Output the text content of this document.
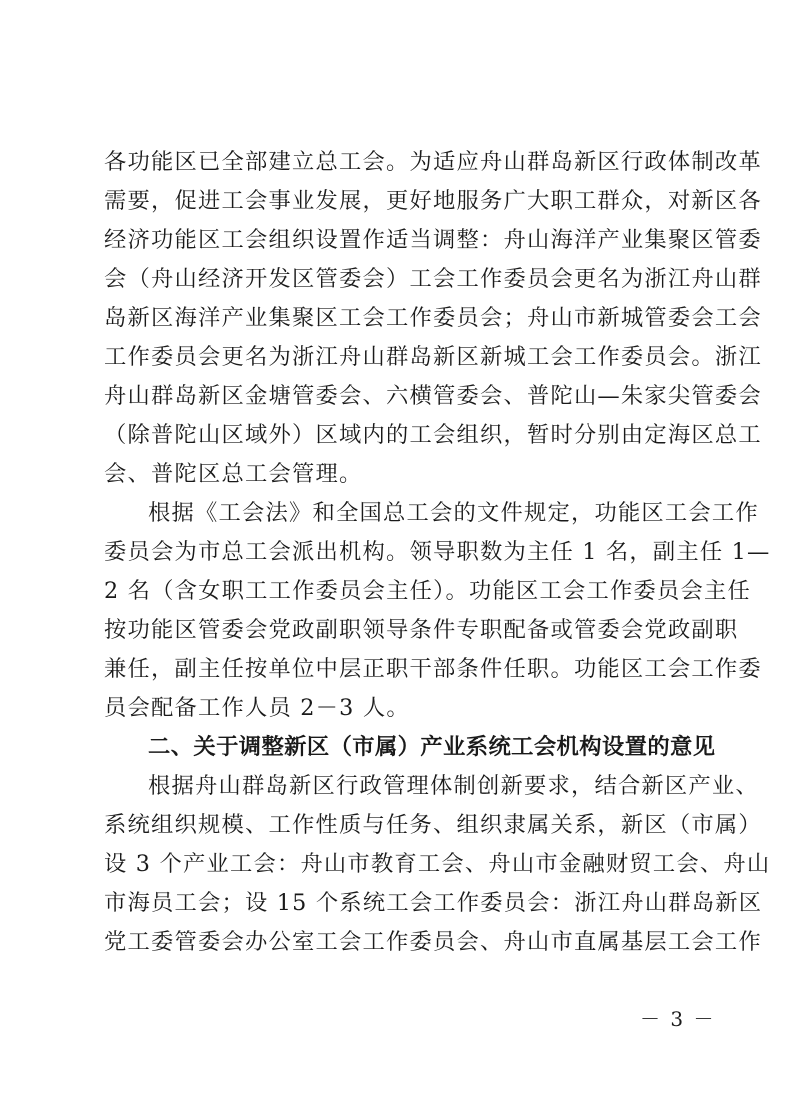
各功能区已全部建立总工会。为适应舟山群岛新区行政体制改革
需要，促进工会事业发展，更好地服务广大职工群众，对新区各
经济功能区工会组织设置作适当调整：舟山海洋产业集聚区管委
会（舟山经济开发区管委会）工会工作委员会更名为浙江舟山群
岛新区海洋产业集聚区工会工作委员会；舟山市新城管委会工会
工作委员会更名为浙江舟山群岛新区新城工会工作委员会。浙江
舟山群岛新区金塘管委会、六横管委会、普陀山—朱家尖管委会
（除普陀山区域外）区域内的工会组织，暂时分别由定海区总工
会、普陀区总工会管理。
根据《工会法》和全国总工会的文件规定，功能区工会工作
委员会为市总工会派出机构。领导职数为主任 1 名，副主任 1—
2 名（含女职工工作委员会主任）。功能区工会工作委员会主任
按功能区管委会党政副职领导条件专职配备或管委会党政副职
兼任，副主任按单位中层正职干部条件任职。功能区工会工作委
员会配备工作人员 2－3 人。
二、关于调整新区（市属）产业系统工会机构设置的意见
根据舟山群岛新区行政管理体制创新要求，结合新区产业、
系统组织规模、工作性质与任务、组织隶属关系，新区（市属）
设 3 个产业工会：舟山市教育工会、舟山市金融财贸工会、舟山
市海员工会；设 15 个系统工会工作委员会：浙江舟山群岛新区
党工委管委会办公室工会工作委员会、舟山市直属基层工会工作
－ 3 －
